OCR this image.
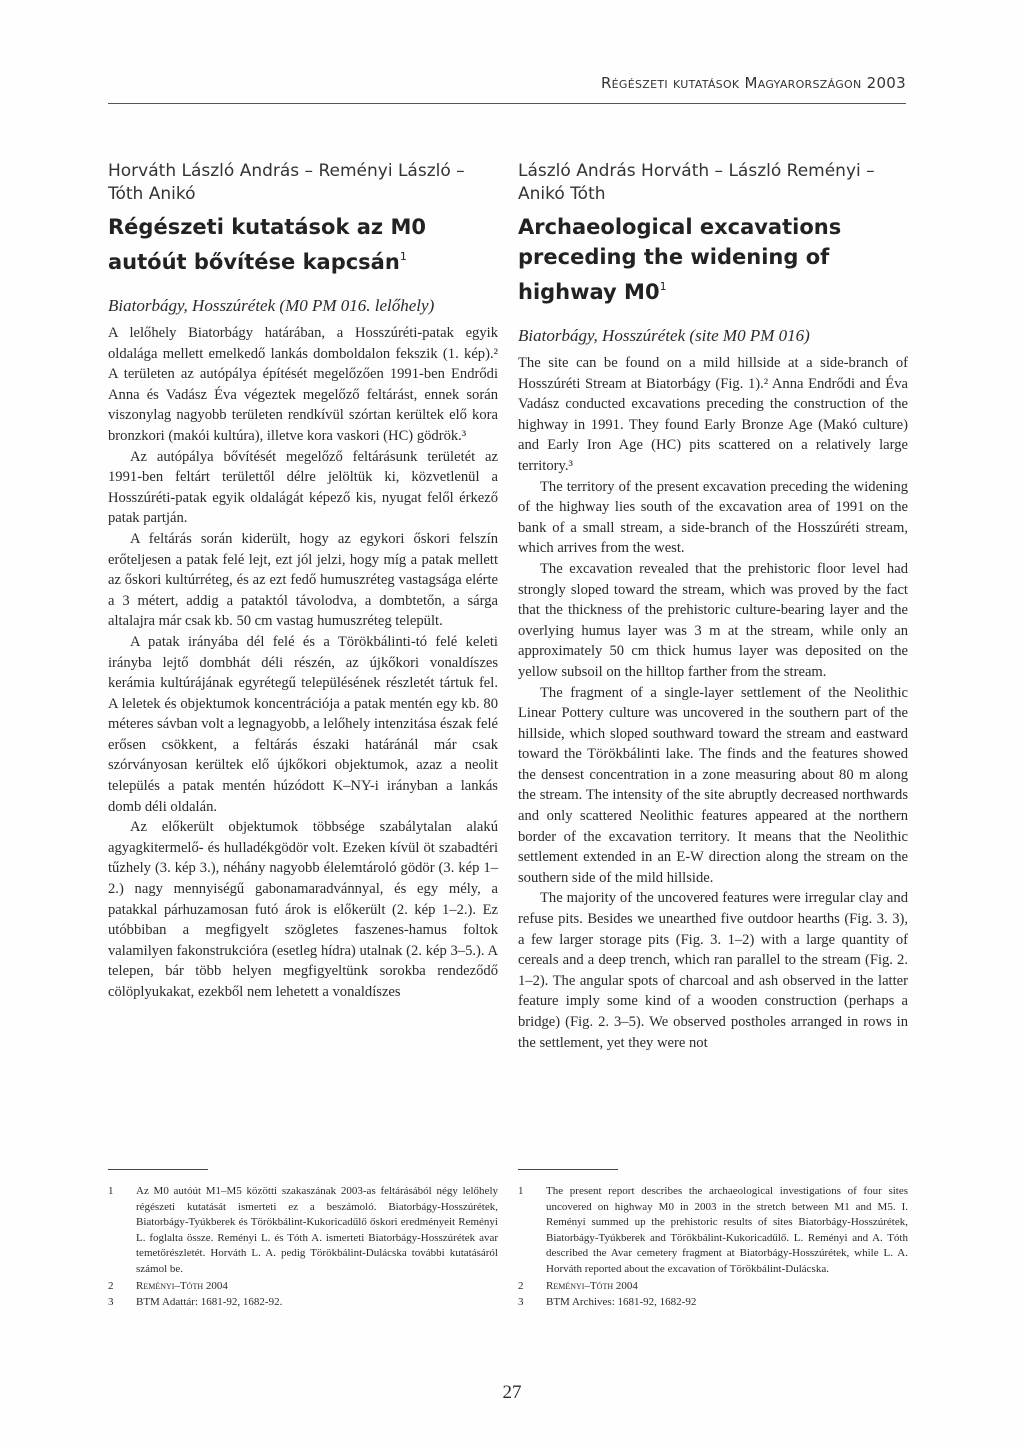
Régészeti kutatások Magyarországon 2003

Horváth László András – Reményi László – Tóth Anikó

Régészeti kutatások az M0 autóút bővítése kapcsán$^1$
Biatorbágy, Hosszúrétek (M0 PM 016. lelőhely)

A lelőhely Biatorbágy határában, a Hosszúréti-patak egyik oldalága mellett emelkedő lankás domboldalon fekszik (1. kép).² A területen az autópálya építését megelőzően 1991-ben Endrődi Anna és Vadász Éva végeztek megelőző feltárást, ennek során viszonylag nagyobb területen rendkívül szórtan kerültek elő kora bronzkori (makói kultúra), illetve kora vaskori (HC) gödrök.³

Az autópálya bővítését megelőző feltárásunk területét az 1991-ben feltárt területtől délre jelöltük ki, közvetlenül a Hosszúréti-patak egyik oldalágát képező kis, nyugat felől érkező patak partján.

A feltárás során kiderült, hogy az egykori őskori felszín erőteljesen a patak felé lejt, ezt jól jelzi, hogy míg a patak mellett az őskori kultúrréteg, és az ezt fedő humuszréteg vastagsága elérte a 3 métert, addig a pataktól távolodva, a dombtetőn, a sárga altalajra már csak kb. 50 cm vastag humuszréteg települt.

A patak irányába dél felé és a Törökbálinti-tó felé keleti irányba lejtő dombhát déli részén, az újkőkori vonaldíszes kerámia kultúrájának egyrétegű településének részletét tártuk fel. A leletek és objektumok koncentrációja a patak mentén egy kb. 80 méteres sávban volt a legnagyobb, a lelőhely intenzitása észak felé erősen csökkent, a feltárás északi határánál már csak szórványosan kerültek elő újkőkori objektumok, azaz a neolit település a patak mentén húzódott K–NY-i irányban a lankás domb déli oldalán.

Az előkerült objektumok többsége szabálytalan alakú agyagkitermelő- és hulladékgödör volt. Ezeken kívül öt szabadtéri tűzhely (3. kép 3.), néhány nagyobb élelemtároló gödör (3. kép 1–2.) nagy mennyiségű gabonamaradvánnyal, és egy mély, a patakkal párhuzamosan futó árok is előkerült (2. kép 1–2.). Ez utóbbiban a megfigyelt szögletes faszenes-hamus foltok valamilyen fakonstrukcióra (esetleg hídra) utalnak (2. kép 3–5.). A telepen, bár több helyen megfigyeltünk sorokba rendeződő cölöplyukakat, ezekből nem lehetett a vonaldíszes

László András Horváth – László Reményi – Anikó Tóth

Archaeological excavations preceding the widening of highway $M0^1$
Biatorbágy, Hosszúrétek (site M0 PM 016)

The site can be found on a mild hillside at a side-branch of Hosszúréti Stream at Biatorbágy (Fig. 1).² Anna Endrődi and Éva Vadász conducted excavations preceding the construction of the highway in 1991. They found Early Bronze Age (Makó culture) and Early Iron Age (HC) pits scattered on a relatively large territory.³

The territory of the present excavation preceding the widening of the highway lies south of the excavation area of 1991 on the bank of a small stream, a side-branch of the Hosszúréti stream, which arrives from the west.

The excavation revealed that the prehistoric floor level had strongly sloped toward the stream, which was proved by the fact that the thickness of the prehistoric culture-bearing layer and the overlying humus layer was 3 m at the stream, while only an approximately 50 cm thick humus layer was deposited on the yellow subsoil on the hilltop farther from the stream.

The fragment of a single-layer settlement of the Neolithic Linear Pottery culture was uncovered in the southern part of the hillside, which sloped southward toward the stream and eastward toward the Törökbálinti lake. The finds and the features showed the densest concentration in a zone measuring about 80 m along the stream. The intensity of the site abruptly decreased northwards and only scattered Neolithic features appeared at the northern border of the excavation territory. It means that the Neolithic settlement extended in an E-W direction along the stream on the southern side of the mild hillside.

The majority of the uncovered features were irregular clay and refuse pits. Besides we unearthed five outdoor hearths (Fig. 3. 3), a few larger storage pits (Fig. 3. 1–2) with a large quantity of cereals and a deep trench, which ran parallel to the stream (Fig. 2. 1–2). The angular spots of charcoal and ash observed in the latter feature imply some kind of a wooden construction (perhaps a bridge) (Fig. 2. 3–5). We observed postholes arranged in rows in the settlement, yet they were not

1	Az M0 autóút M1–M5 közötti szakaszának 2003-as feltárásából négy lelőhely régészeti kutatását ismerteti ez a beszámoló. Biatorbágy-Hosszúrétek, Biatorbágy-Tyúkberek és Törökbálint-Kukoricadűlő őskori eredményeit Reményi L. foglalta össze. Reményi L. és Tóth A. ismerteti Biatorbágy-Hosszúrétek avar temetőrészletét. Horváth L. A. pedig Törökbálint-Dulácska további kutatásáról számol be.
2	Reményi–Tóth 2004
3	BTM Adattár: 1681-92, 1682-92.
1	The present report describes the archaeological investigations of four sites uncovered on highway M0 in 2003 in the stretch between M1 and M5. I. Reményi summed up the prehistoric results of sites Biatorbágy-Hosszúrétek, Biatorbágy-Tyúkberek and Törökbálint-Kukoricadűlő. L. Reményi and A. Tóth described the Avar cemetery fragment at Biatorbágy-Hosszúrétek, while L. A. Horváth reported about the excavation of Törökbálint-Dulácska.
2	Reményi–Tóth 2004
3	BTM Archives: 1681-92, 1682-92
27
